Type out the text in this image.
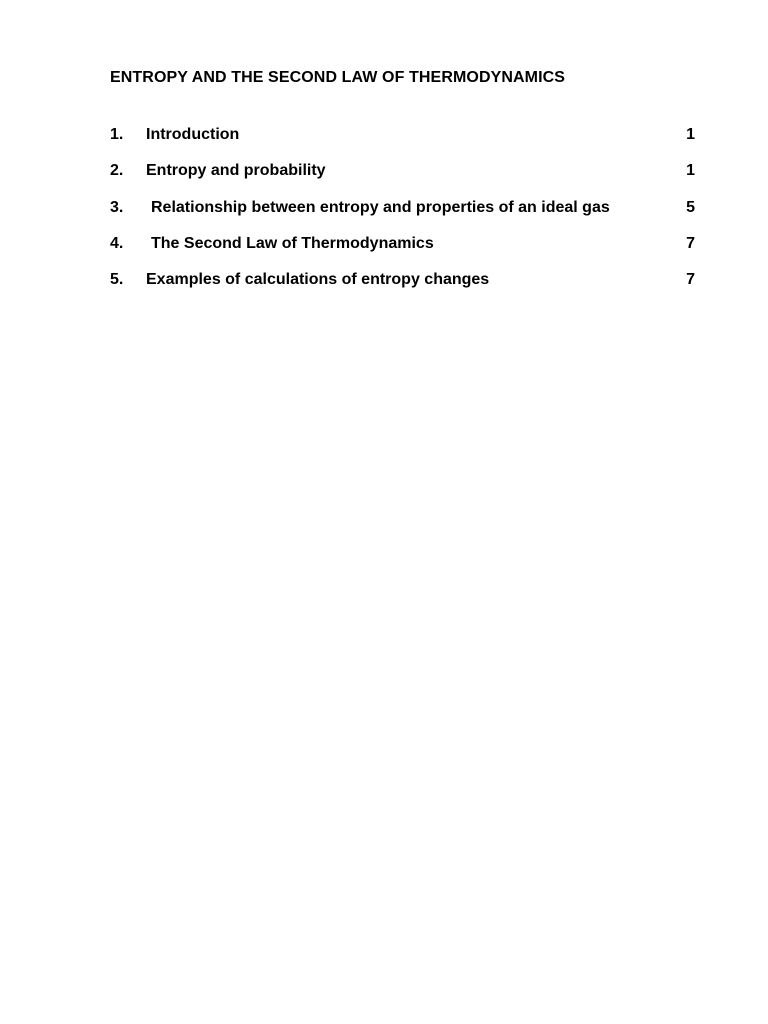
ENTROPY AND THE SECOND LAW OF THERMODYNAMICS
1.	Introduction	1
2.	Entropy and probability	1
3.	Relationship between entropy and properties of an ideal gas	5
4.	The Second Law of Thermodynamics	7
5.	Examples of calculations of entropy changes	7
